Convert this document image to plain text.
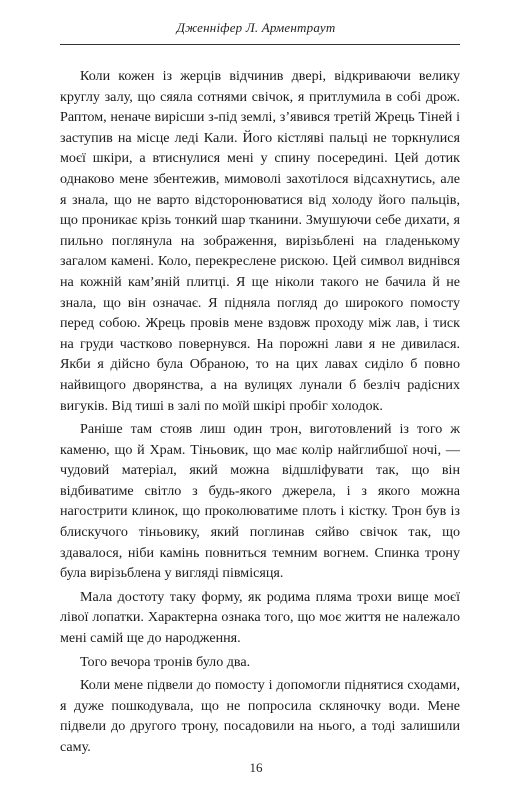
Дженніфер Л. Арментраут

Коли кожен із жерців відчинив двері, відкриваючи велику круглу залу, що сяяла сотнями свічок, я притлумила в собі дрож. Раптом, неначе вирісши з-під землі, з’явився третій Жрець Тіней і заступив на місце леді Кали. Його кістляві пальці не торкнулися моєї шкіри, а втиснулися мені у спину посередині. Цей дотик однаково мене збентежив, мимоволі захотілося відсахнутись, але я знала, що не варто відсторонюватися від холоду його пальців, що проникає крізь тонкий шар тканини. Змушуючи себе дихати, я пильно поглянула на зображення, вирізьблені на гладенькому загалом камені. Коло, перекреслене рискою. Цей символ виднівся на кожній кам’яній плитці. Я ще ніколи такого не бачила й не знала, що він означає. Я підняла погляд до широкого помосту перед собою. Жрець провів мене вздовж проходу між лав, і тиск на груди частково повернувся. На порожні лави я не дивилася. Якби я дійсно була Обраною, то на цих лавах сиділо б повно найвищого дворянства, а на вулицях лунали б безліч радісних вигуків. Від тиші в залі по моїй шкірі пробіг холодок.

Раніше там стояв лиш один трон, виготовлений із того ж каменю, що й Храм. Тіньовик, що має колір найглибшої ночі, — чудовий матеріал, який можна відшліфувати так, що він відбиватиме світло з будь-якого джерела, і з якого можна нагострити клинок, що проколюватиме плоть і кістку. Трон був із блискучого тіньовику, який поглинав сяйво свічок так, що здавалося, ніби камінь повниться темним вогнем. Спинка трону була вирізьблена у вигляді півмісяця.

Мала достоту таку форму, як родима пляма трохи вище моєї лівої лопатки. Характерна ознака того, що моє життя не належало мені самій ще до народження.

Того вечора тронів було два.

Коли мене підвели до помосту і допомогли піднятися сходами, я дуже пошкодувала, що не попросила склянoчку води. Мене підвели до другого трону, посадовили на нього, а тоді залишили саму.

16
